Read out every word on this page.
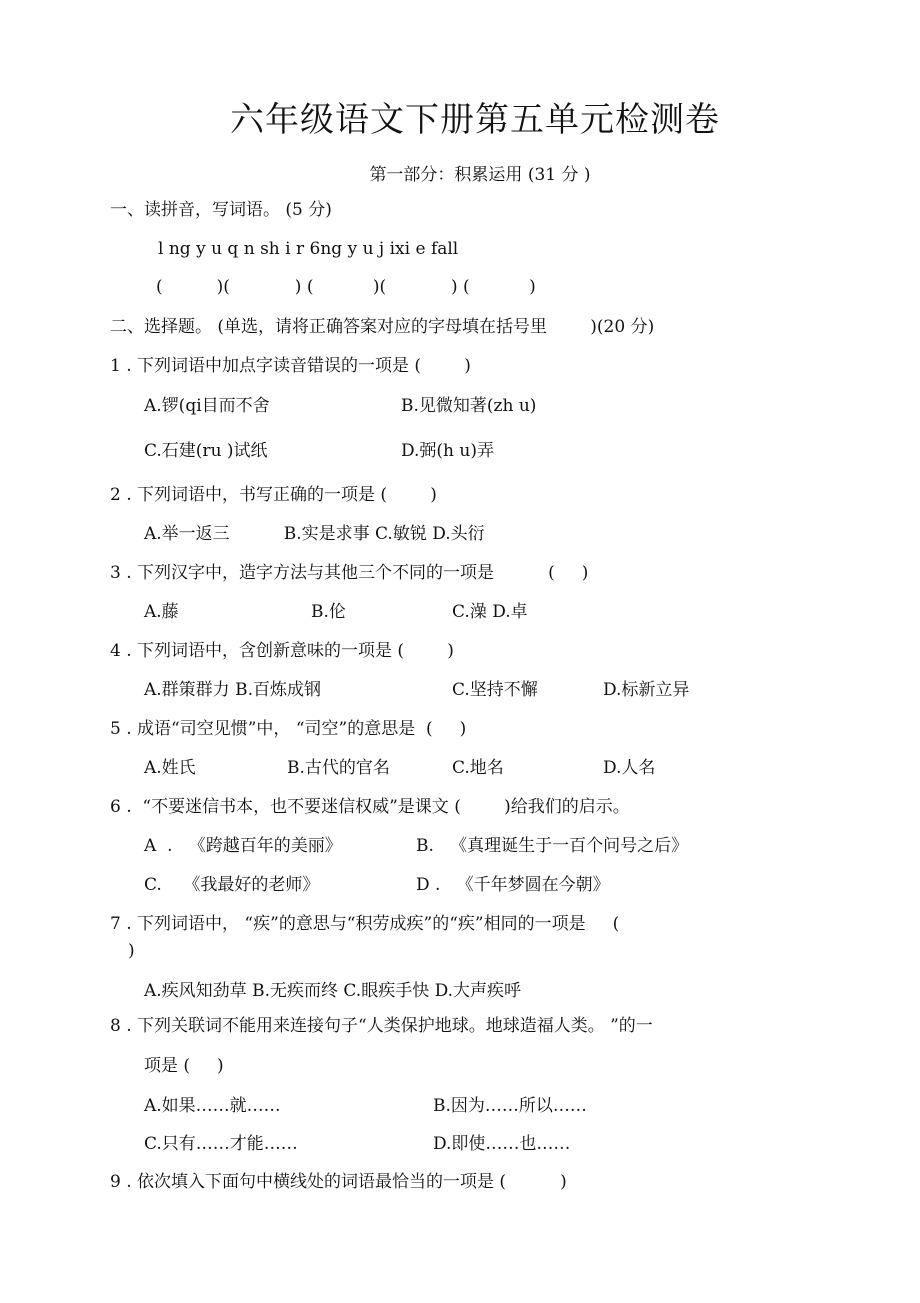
六年级语文下册第五单元检测卷
第一部分：积累运用 (31 分 )
一、读拼音，写词语。 (5 分)
l ng y u q n sh i r 6ng y u j ixi e fall
(          )(            ) (           )(            ) (           )
二、选择题。 (单选，请将正确答案对应的字母填在括号里        )(20 分)
1 . 下列词语中加点字读音错误的一项是 (        )
A.锣(qi目而不舍	B.见微知著(zh u)
C.石建(ru )试纸	D.弼(h u)弄
2 . 下列词语中，书写正确的一项是 (        )
A.举一返三          B.实是求事 C.敏锐 D.头衍
3 . 下列汉字中，造字方法与其他三个不同的一项是          (     )
A.藤	B.伦	C.澡 D.卓
4 . 下列词语中，含创新意味的一项是 (        )
A.群策群力 B.百炼成钢	C.坚持不懈	D.标新立异
5 . 成语“司空见惯”中， “司空”的意思是  (     )
A.姓氏	B.古代的官名	C.地名	D.人名
6 .  “不要迷信书本，也不要迷信权威”是课文 (        )给我们的启示。
A  .   《跨越百年的美丽》	B.   《真理诞生于一百个问号之后》
C.    《我最好的老师》	D .   《千年梦圆在今朝》
7 . 下列词语中， “疾”的意思与“积劳成疾”的“疾”相同的一项是     (
)
A.疾风知劲草 B.无疾而终 C.眼疾手快 D.大声疾呼
8 . 下列关联词不能用来连接句子“人类保护地球。地球造福人类。 ”的一
项是 (     )
A.如果……就……	B.因为……所以……
C.只有……才能……	D.即使……也……
9 . 依次填入下面句中横线处的词语最恰当的一项是 (          )
